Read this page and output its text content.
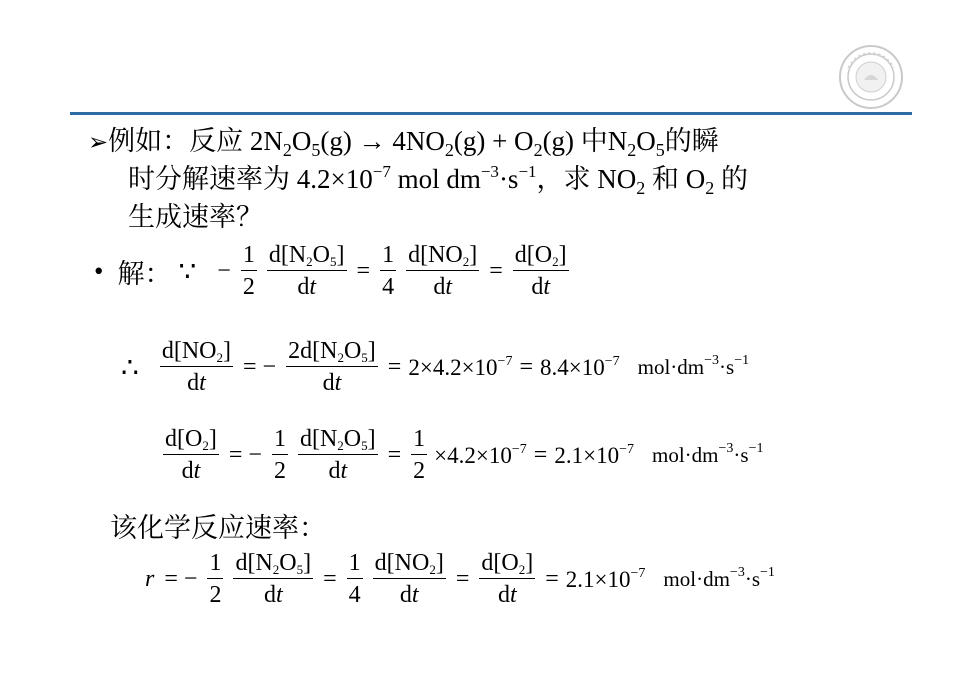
➢例如：反应 $2N_2O_5(g) \to 4NO_2(g) + O_2(g)$ 中$N_2O_5$的瞬
时分解速率为 $4.2\times 10^{-7}$ mol $dm^{-3}\cdot s^{-1}$，求 $NO_2$ 和 $O_2$ 的
生成速率？
• 解： ∵ − $\frac{1}{2}$
$\frac{d[N_2O_5]}{dt} = \frac{1}{4}$
$\frac{d[NO_2]}{dt} = \frac{d[O_2]}{dt}$
∴ $\frac{d[NO_2]}{dt}$ = − $\frac{2d[N_2O_5]}{dt} = 2\times 4.2\times 10^{-7} = 8.4\times 10^{-7}$ $mol\cdot dm^{-3}\cdot s^{-1}$
$\frac{d[O_2]}{dt}$ = − $\frac{1}{2}$
$\frac{d[N_2O_5]}{dt} = \frac{1}{2} \times 4.2\times 10^{-7} = 2.1\times 10^{-7}$ $mol\cdot dm^{-3}\cdot s^{-1}$
该化学反应速率：
r = − $\frac{1}{2}$
$\frac{d[N_2O_5]}{dt} = \frac{1}{4}$
$\frac{d[NO_2]}{dt} = \frac{d[O_2]}{dt} = 2.1\times 10^{-7}$ $mol\cdot dm^{-3}\cdot s^{-1}$
